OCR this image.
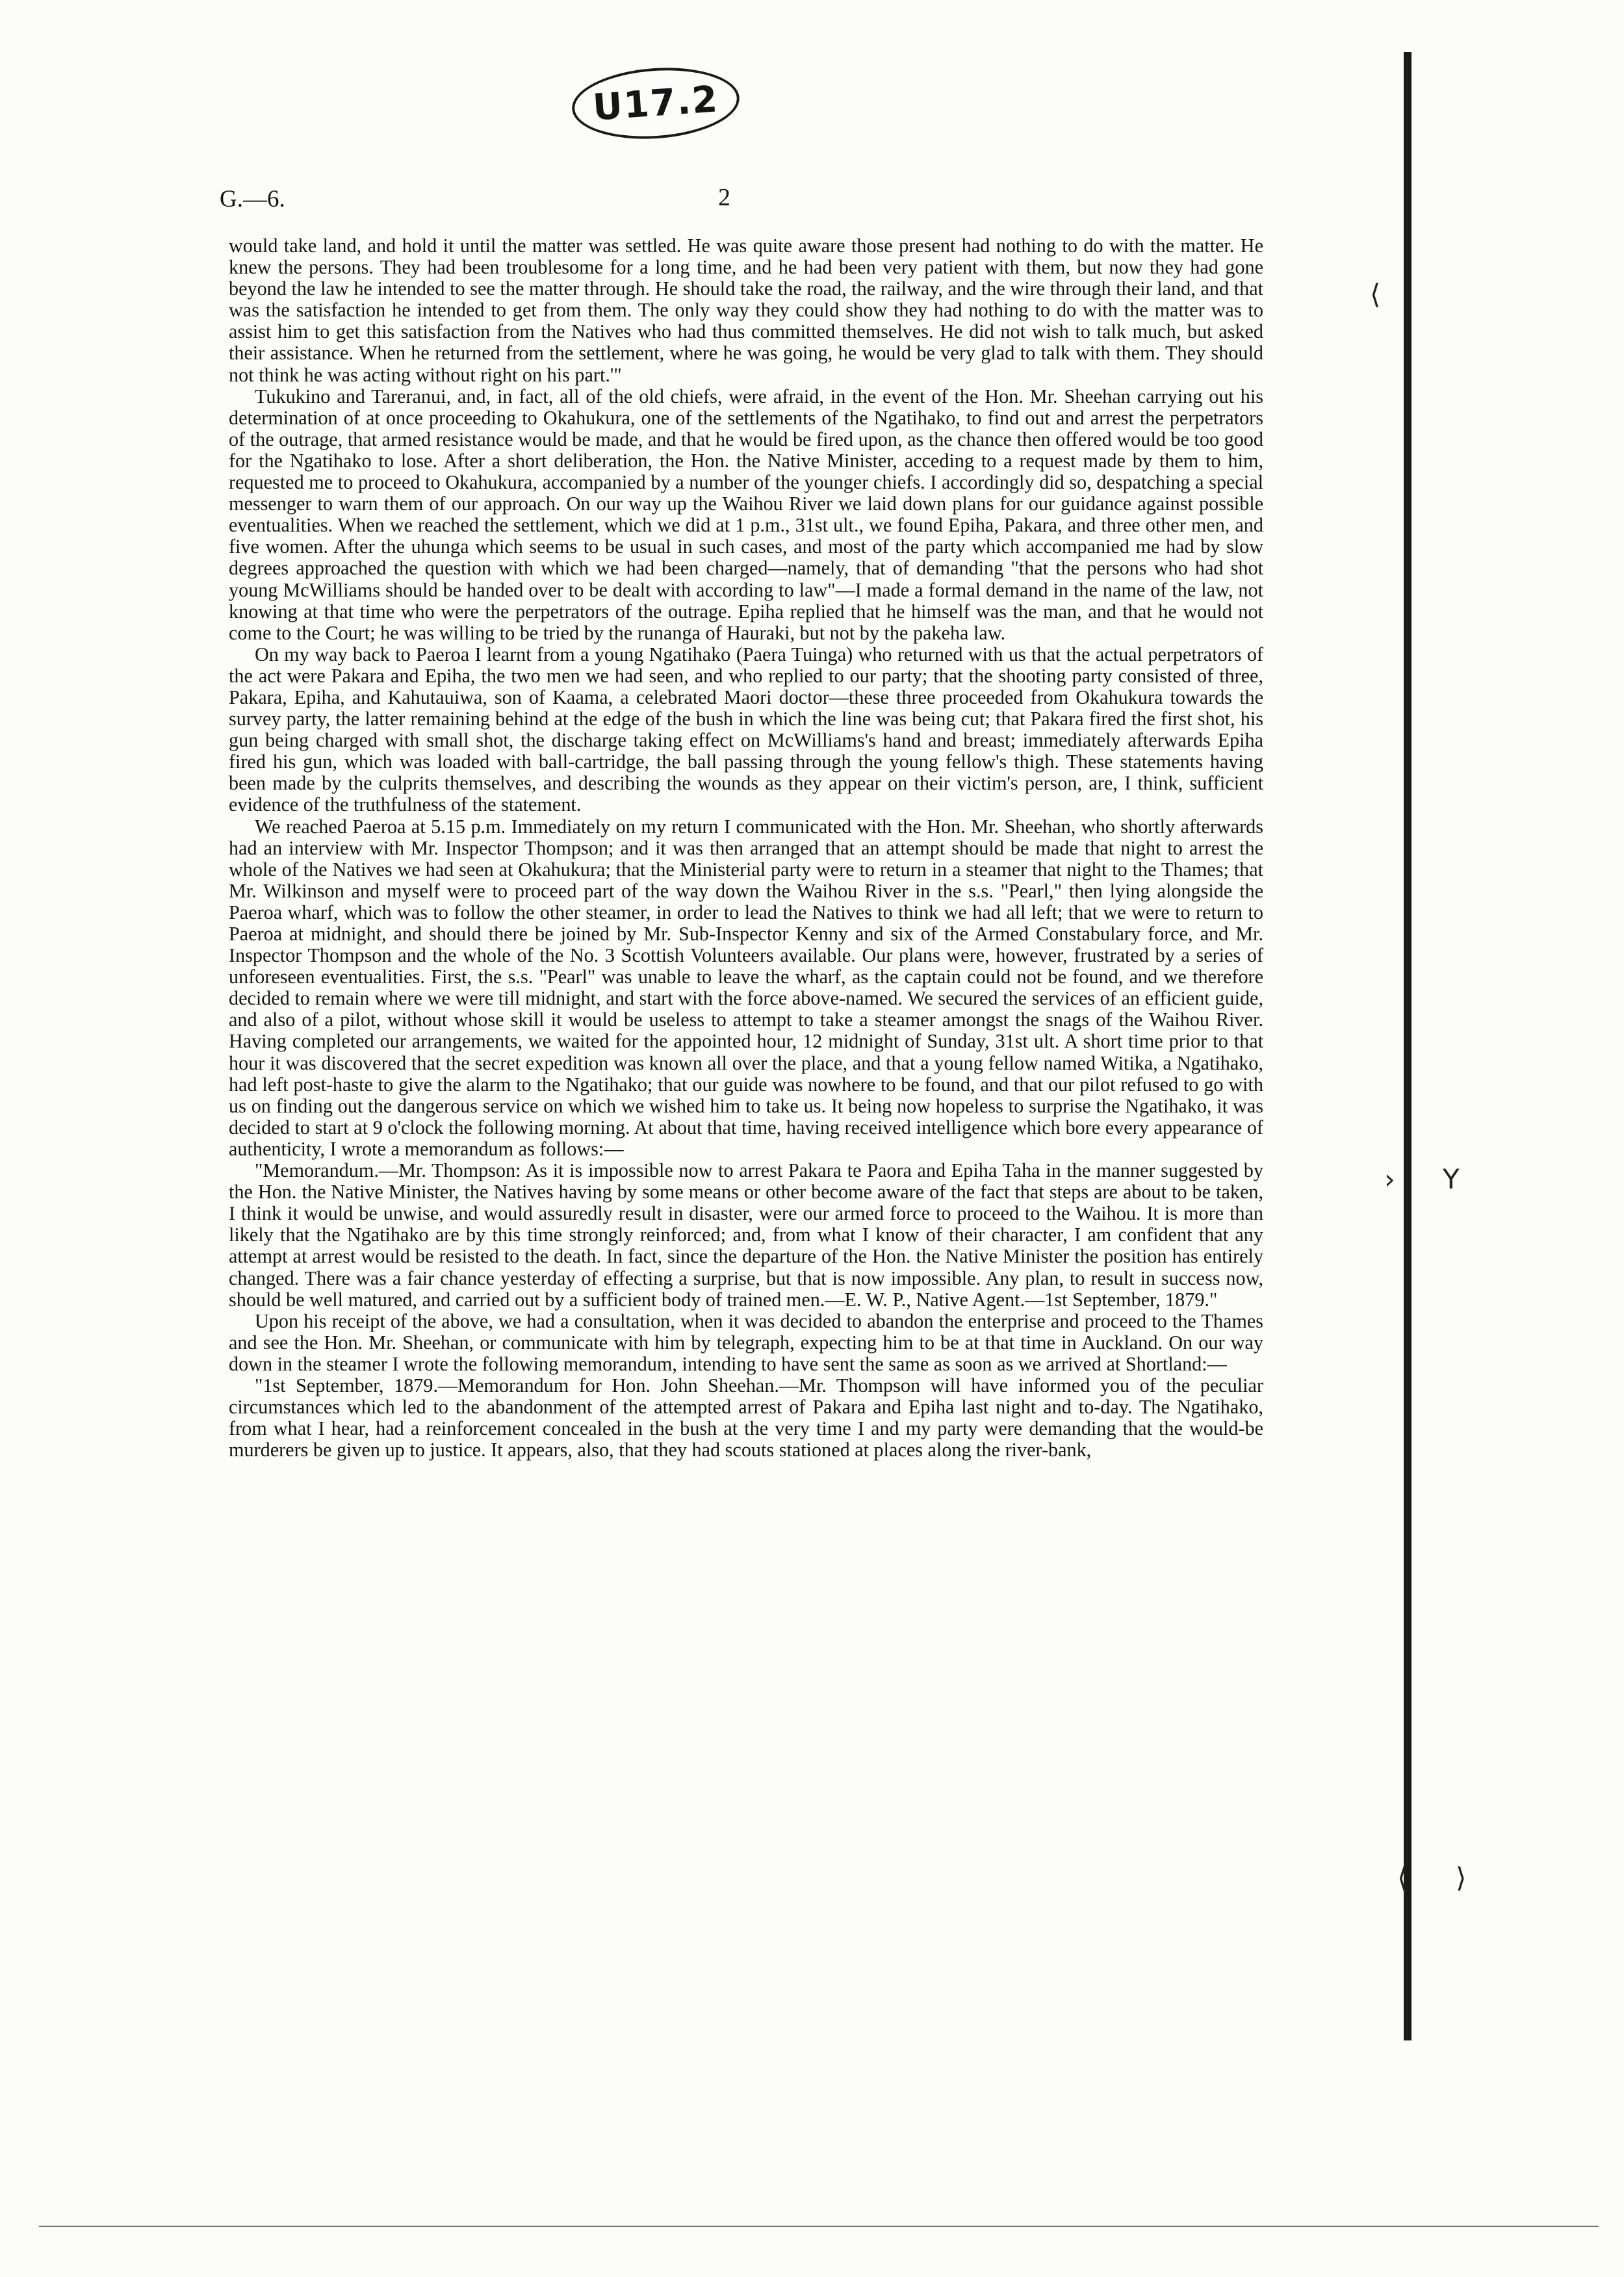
U17.2
G.—6.	2

would take land, and hold it until the matter was settled. He was quite aware those present had nothing to do with the matter. He knew the persons. They had been troublesome for a long time, and he had been very patient with them, but now they had gone beyond the law he intended to see the matter through. He should take the road, the railway, and the wire through their land, and that was the satisfaction he intended to get from them. The only way they could show they had nothing to do with the matter was to assist him to get this satisfaction from the Natives who had thus committed themselves. He did not wish to talk much, but asked their assistance. When he returned from the settlement, where he was going, he would be very glad to talk with them. They should not think he was acting without right on his part.'"

Tukukino and Tareranui, and, in fact, all of the old chiefs, were afraid, in the event of the Hon. Mr. Sheehan carrying out his determination of at once proceeding to Okahukura, one of the settlements of the Ngatihako, to find out and arrest the perpetrators of the outrage, that armed resistance would be made, and that he would be fired upon, as the chance then offered would be too good for the Ngatihako to lose. After a short deliberation, the Hon. the Native Minister, acceding to a request made by them to him, requested me to proceed to Okahukura, accompanied by a number of the younger chiefs. I accordingly did so, despatching a special messenger to warn them of our approach. On our way up the Waihou River we laid down plans for our guidance against possible eventualities. When we reached the settlement, which we did at 1 p.m., 31st ult., we found Epiha, Pakara, and three other men, and five women. After the uhunga which seems to be usual in such cases, and most of the party which accompanied me had by slow degrees approached the question with which we had been charged—namely, that of demanding "that the persons who had shot young McWilliams should be handed over to be dealt with according to law"—I made a formal demand in the name of the law, not knowing at that time who were the perpetrators of the outrage. Epiha replied that he himself was the man, and that he would not come to the Court; he was willing to be tried by the runanga of Hauraki, but not by the pakeha law.

On my way back to Paeroa I learnt from a young Ngatihako (Paera Tuinga) who returned with us that the actual perpetrators of the act were Pakara and Epiha, the two men we had seen, and who replied to our party; that the shooting party consisted of three, Pakara, Epiha, and Kahutauiwa, son of Kaama, a celebrated Maori doctor—these three proceeded from Okahukura towards the survey party, the latter remaining behind at the edge of the bush in which the line was being cut; that Pakara fired the first shot, his gun being charged with small shot, the discharge taking effect on McWilliams's hand and breast; immediately afterwards Epiha fired his gun, which was loaded with ball-cartridge, the ball passing through the young fellow's thigh. These statements having been made by the culprits themselves, and describing the wounds as they appear on their victim's person, are, I think, sufficient evidence of the truthfulness of the statement.

We reached Paeroa at 5.15 p.m. Immediately on my return I communicated with the Hon. Mr. Sheehan, who shortly afterwards had an interview with Mr. Inspector Thompson; and it was then arranged that an attempt should be made that night to arrest the whole of the Natives we had seen at Okahukura; that the Ministerial party were to return in a steamer that night to the Thames; that Mr. Wilkinson and myself were to proceed part of the way down the Waihou River in the s.s. "Pearl," then lying alongside the Paeroa wharf, which was to follow the other steamer, in order to lead the Natives to think we had all left; that we were to return to Paeroa at midnight, and should there be joined by Mr. Sub-Inspector Kenny and six of the Armed Constabulary force, and Mr. Inspector Thompson and the whole of the No. 3 Scottish Volunteers available. Our plans were, however, frustrated by a series of unforeseen eventualities. First, the s.s. "Pearl" was unable to leave the wharf, as the captain could not be found, and we therefore decided to remain where we were till midnight, and start with the force above-named. We secured the services of an efficient guide, and also of a pilot, without whose skill it would be useless to attempt to take a steamer amongst the snags of the Waihou River. Having completed our arrangements, we waited for the appointed hour, 12 midnight of Sunday, 31st ult. A short time prior to that hour it was discovered that the secret expedition was known all over the place, and that a young fellow named Witika, a Ngatihako, had left post-haste to give the alarm to the Ngatihako; that our guide was nowhere to be found, and that our pilot refused to go with us on finding out the dangerous service on which we wished him to take us. It being now hopeless to surprise the Ngatihako, it was decided to start at 9 o'clock the following morning. At about that time, having received intelligence which bore every appearance of authenticity, I wrote a memorandum as follows:—

"Memorandum.—Mr. Thompson: As it is impossible now to arrest Pakara te Paora and Epiha Taha in the manner suggested by the Hon. the Native Minister, the Natives having by some means or other become aware of the fact that steps are about to be taken, I think it would be unwise, and would assuredly result in disaster, were our armed force to proceed to the Waihou. It is more than likely that the Ngatihako are by this time strongly reinforced; and, from what I know of their character, I am confident that any attempt at arrest would be resisted to the death. In fact, since the departure of the Hon. the Native Minister the position has entirely changed. There was a fair chance yesterday of effecting a surprise, but that is now impossible. Any plan, to result in success now, should be well matured, and carried out by a sufficient body of trained men.—E. W. P., Native Agent.—1st September, 1879."

Upon his receipt of the above, we had a consultation, when it was decided to abandon the enterprise and proceed to the Thames and see the Hon. Mr. Sheehan, or communicate with him by telegraph, expecting him to be at that time in Auckland. On our way down in the steamer I wrote the following memorandum, intending to have sent the same as soon as we arrived at Shortland:—

"1st September, 1879.—Memorandum for Hon. John Sheehan.—Mr. Thompson will have informed you of the peculiar circumstances which led to the abandonment of the attempted arrest of Pakara and Epiha last night and to-day. The Ngatihako, from what I hear, had a reinforcement concealed in the bush at the very time I and my party were demanding that the would-be murderers be given up to justice. It appears, also, that they had scouts stationed at places along the river-bank,

⟨
› Y
⟨ ⟩
